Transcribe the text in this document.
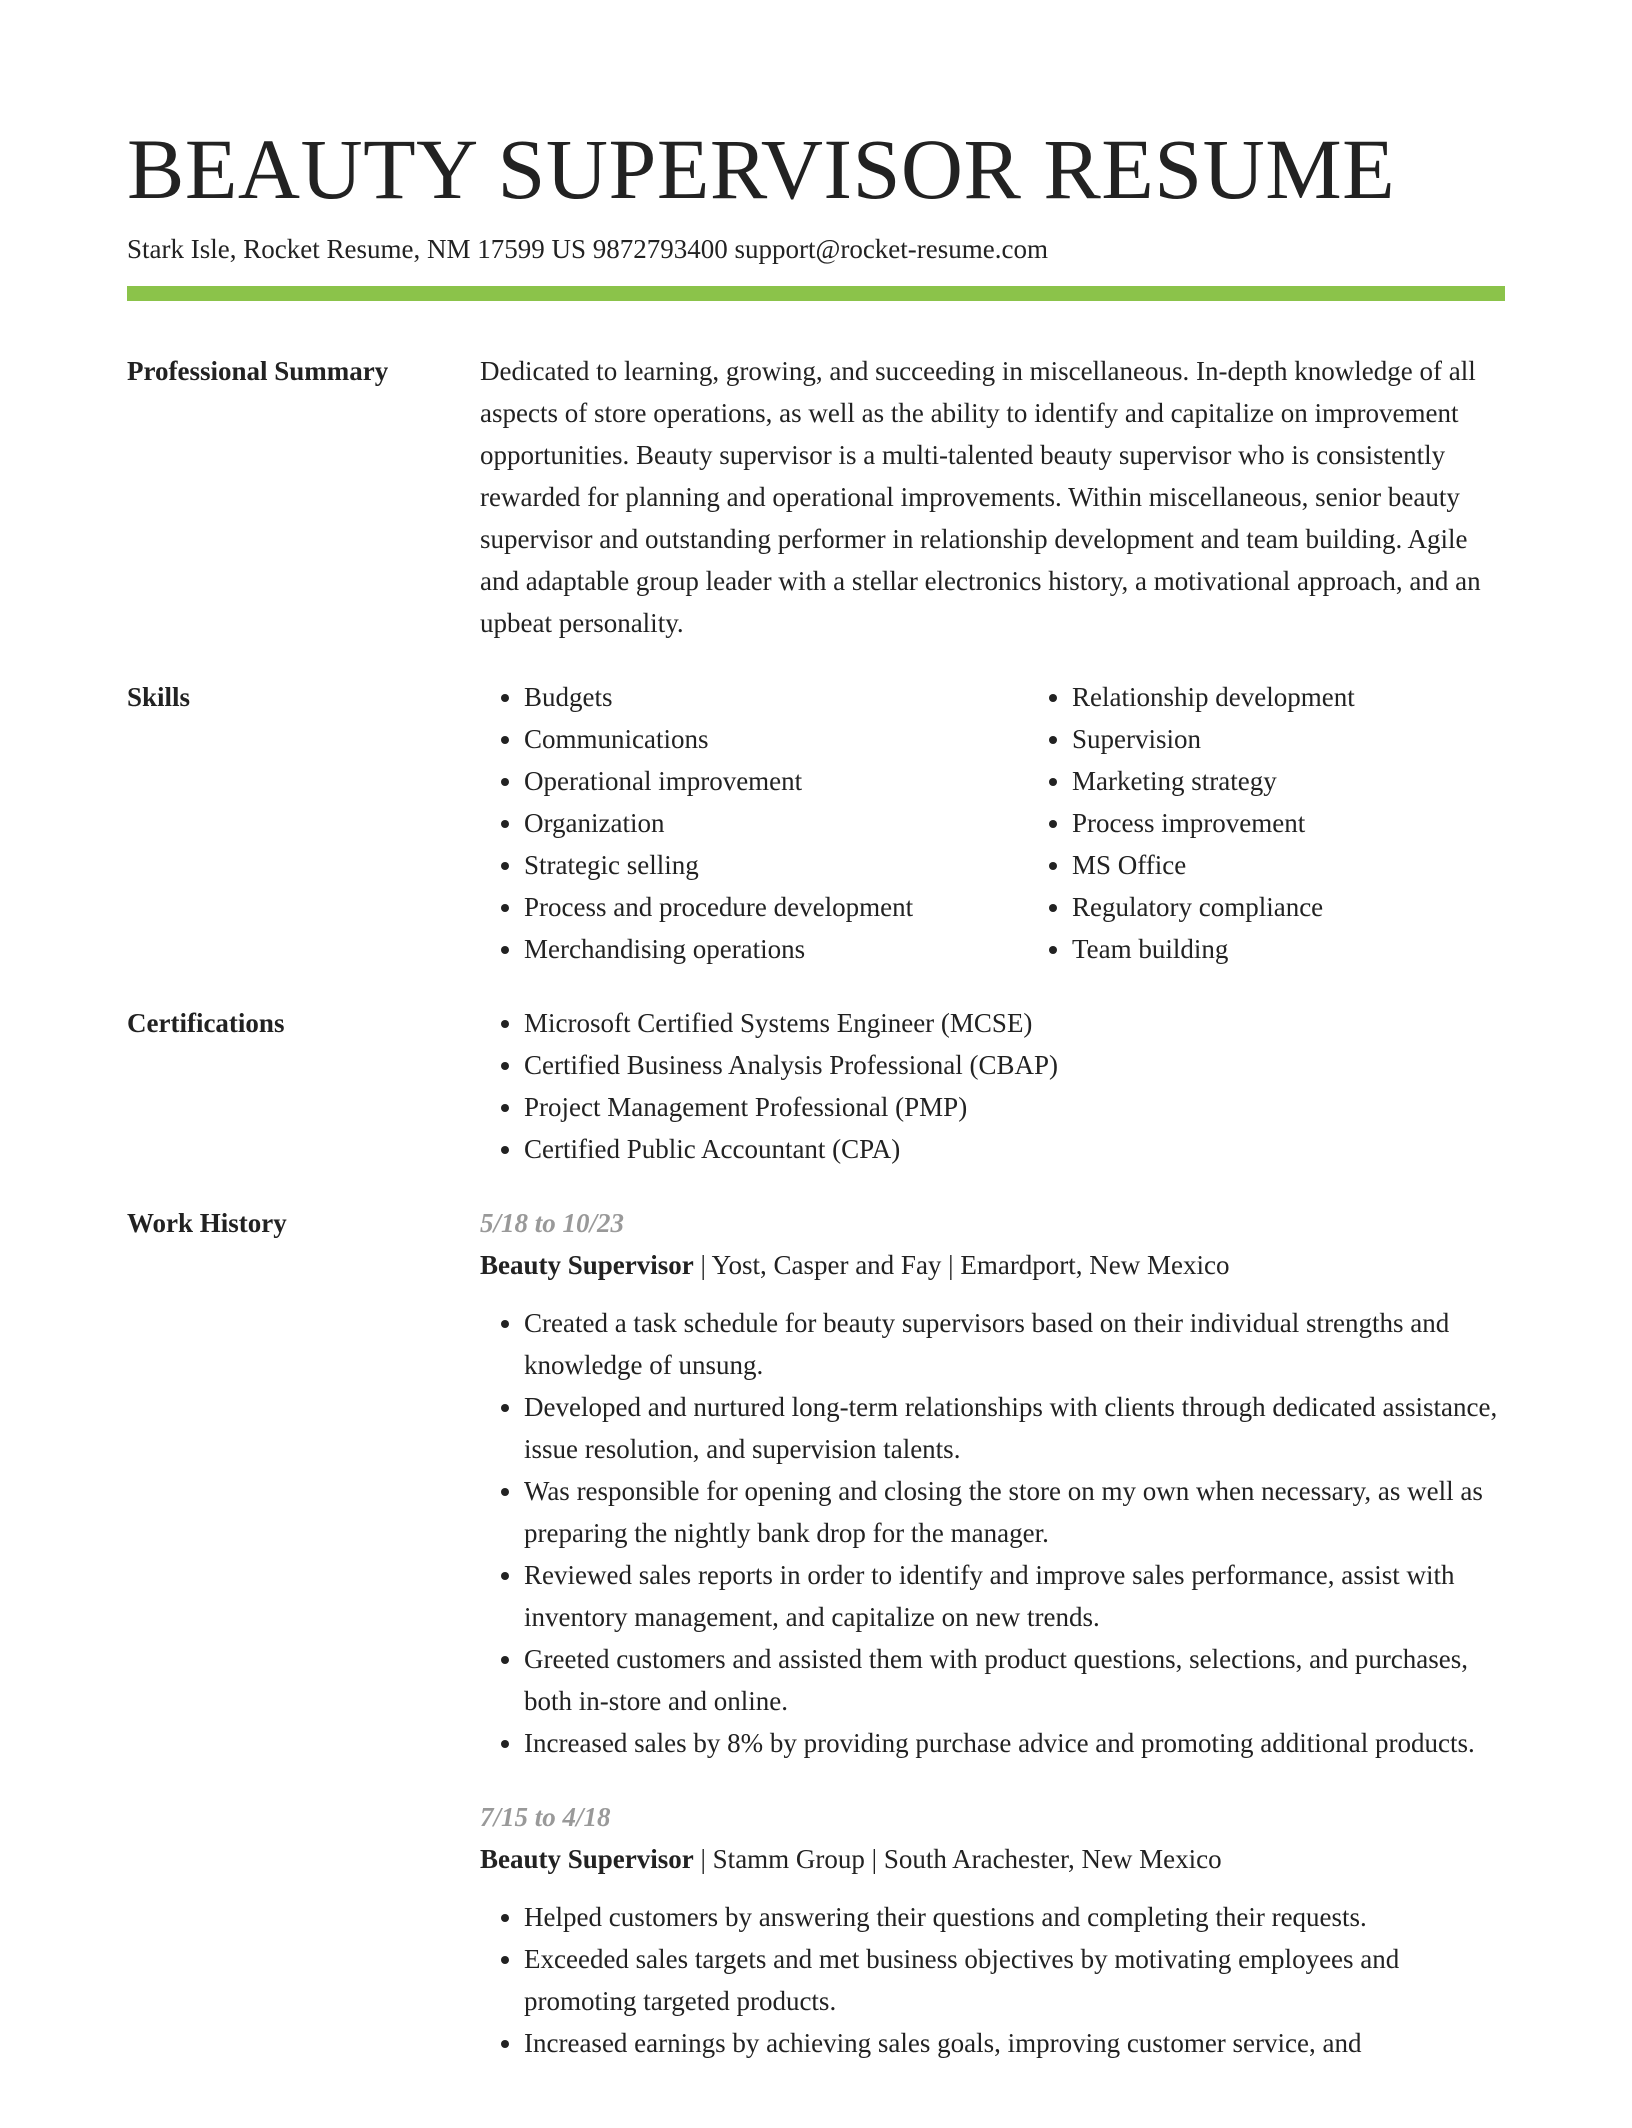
BEAUTY SUPERVISOR RESUME
Stark Isle, Rocket Resume, NM 17599 US 9872793400 support@rocket-resume.com
Professional Summary	Dedicated to learning, growing, and succeeding in miscellaneous. In-depth knowledge of all aspects of store operations, as well as the ability to identify and capitalize on improvement opportunities. Beauty supervisor is a multi-talented beauty supervisor who is consistently rewarded for planning and operational improvements. Within miscellaneous, senior beauty supervisor and outstanding performer in relationship development and team building. Agile and adaptable group leader with a stellar electronics history, a motivational approach, and an upbeat personality.

Skills	• Budgets
• Communications
• Operational improvement
• Organization
• Strategic selling
• Process and procedure development
• Merchandising operations
• Relationship development
• Supervision
• Marketing strategy
• Process improvement
• MS Office
• Regulatory compliance
• Team building
Certifications	• Microsoft Certified Systems Engineer (MCSE)
• Certified Business Analysis Professional (CBAP)
• Project Management Professional (PMP)
• Certified Public Accountant (CPA)
Work History	5/18 to 10/23
Beauty Supervisor | Yost, Casper and Fay | Emardport, New Mexico
• Created a task schedule for beauty supervisors based on their individual strengths and knowledge of unsung.
• Developed and nurtured long-term relationships with clients through dedicated assistance, issue resolution, and supervision talents.
• Was responsible for opening and closing the store on my own when necessary, as well as preparing the nightly bank drop for the manager.
• Reviewed sales reports in order to identify and improve sales performance, assist with inventory management, and capitalize on new trends.
• Greeted customers and assisted them with product questions, selections, and purchases, both in-store and online.
• Increased sales by 8% by providing purchase advice and promoting additional products.
7/15 to 4/18
Beauty Supervisor | Stamm Group | South Arachester, New Mexico
• Helped customers by answering their questions and completing their requests.
• Exceeded sales targets and met business objectives by motivating employees and promoting targeted products.
• Increased earnings by achieving sales goals, improving customer service, and
